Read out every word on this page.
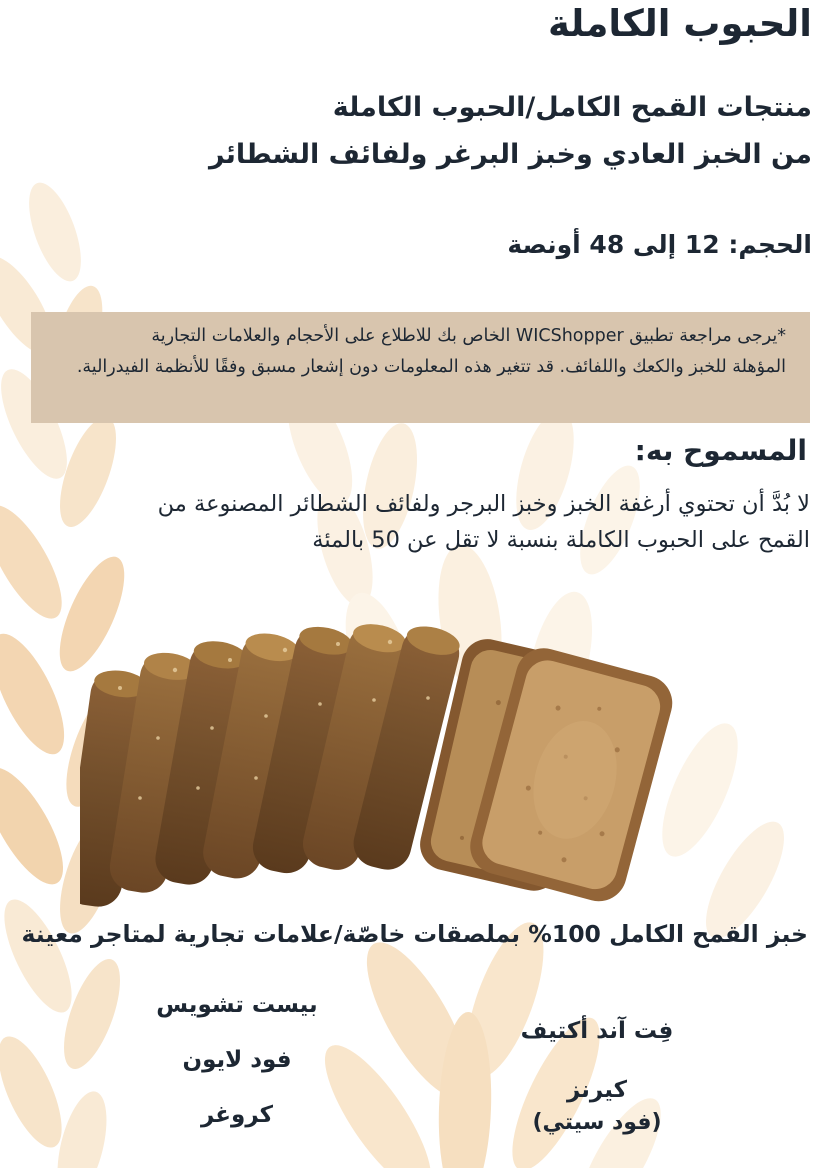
الحبوب الكاملة
منتجات القمح الكامل/الحبوب الكاملة
من الخبز العادي وخبز البرغر ولفائف الشطائر
الحجم: 12 إلى 48 أونصة
*يرجى مراجعة تطبيق WICShopper الخاص بك للاطلاع على الأحجام والعلامات التجارية
المؤهلة للخبز والكعك واللفائف. قد تتغير هذه المعلومات دون إشعار مسبق وفقًا للأنظمة الفيدرالية.
المسموح به:
لا بُدَّ أن تحتوي أرغفة الخبز وخبز البرجر ولفائف الشطائر المصنوعة من
القمح على الحبوب الكاملة بنسبة لا تقل عن 50 بالمئة
خبز القمح الكامل 100% بملصقات خاصّة/علامات تجارية لمتاجر معينة
بيست تشويس
فود لايون
كروغر
فِت آند أكتيف
كيرنز
(فود سيتي)
